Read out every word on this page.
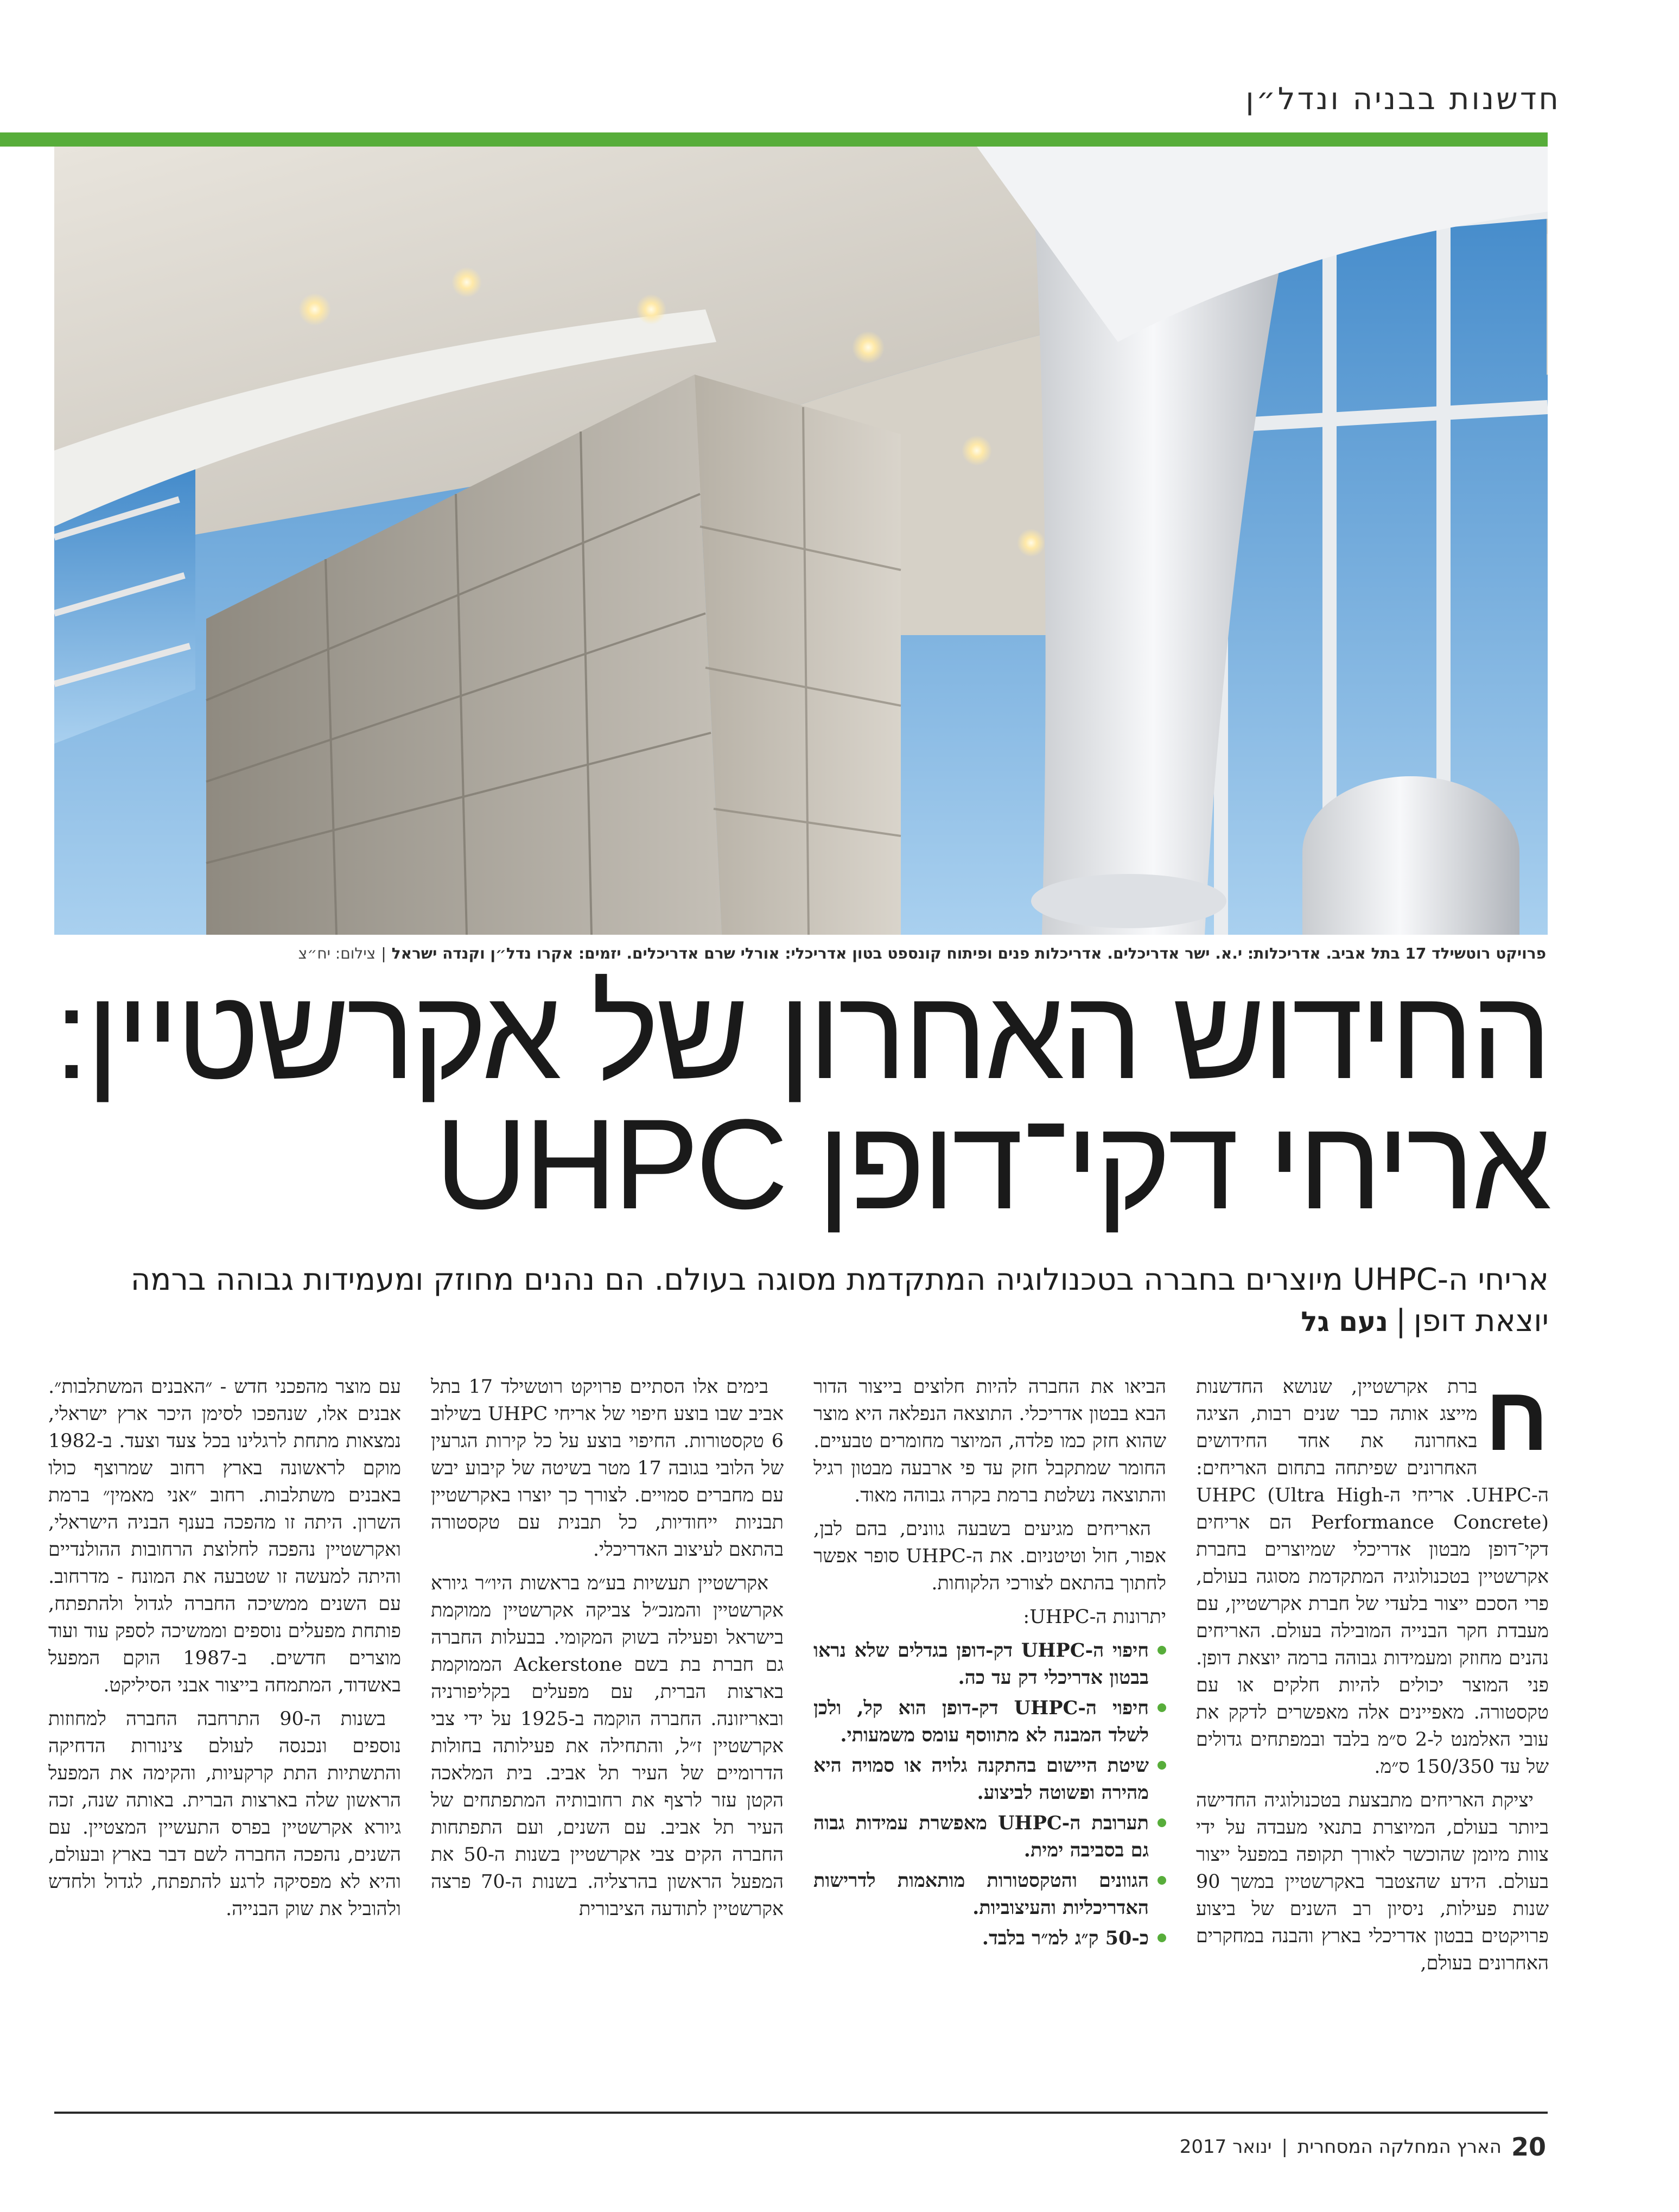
חדשנות בבניה ונדל״ן
פרויקט רוטשילד 17 בתל אביב. אדריכלות: י.א. ישר אדריכלים. אדריכלות פנים ופיתוח קונספט בטון אדריכלי: אורלי שרם אדריכלים. יזמים: אקרו נדל״ן וקנדה ישראל|צילום: יח״צ
החידוש האחרון של אקרשטיין:
אריחי דקי־דופן UHPC
אריחי ה-UHPC מיוצרים בחברה בטכנולוגיה המתקדמת מסוגה בעולם. הם נהנים מחוזק ומעמידות גבוהה ברמה יוצאת דופן|נעם גל
ח

ברת אקרשטיין, שנושא החדשנות מייצג אותה כבר שנים רבות, הציגה באחרונה את אחד החידושים האחרונים שפיתחה בתחום האריחים: ה-UHPC. אריחי ה-UHPC (Ultra High Performance Concrete) הם אריחים דקי־דופן מבטון אדריכלי שמיוצרים בחברת אקרשטיין בטכנולוגיה המתקדמת מסוגה בעולם, פרי הסכם ייצור בלעדי של חברת אקרשטיין, עם מעבדת חקר הבנייה המובילה בעולם. האריחים נהנים מחוזק ומעמידות גבוהה ברמה יוצאת דופן. פני המוצר יכולים להיות חלקים או עם טקסטורה. מאפיינים אלה מאפשרים לדקק את עובי האלמנט ל-2 ס״מ בלבד ובמפתחים גדולים של עד 150/350 ס״מ.

יציקת האריחים מתבצעת בטכנולוגיה החדישה ביותר בעולם, המיוצרת בתנאי מעבדה על ידי צוות מיומן שהוכשר לאורך תקופה במפעל ייצור בעולם. הידע שהצטבר באקרשטיין במשך 90 שנות פעילות, ניסיון רב השנים של ביצוע פרויקטים בבטון אדריכלי בארץ והבנה במחקרים האחרונים בעולם,

הביאו את החברה להיות חלוצים בייצור הדור הבא בבטון אדריכלי. התוצאה הנפלאה היא מוצר שהוא חזק כמו פלדה, המיוצר מחומרים טבעיים. החומר שמתקבל חזק עד פי ארבעה מבטון רגיל והתוצאה נשלטת ברמת בקרה גבוהה מאוד.

האריחים מגיעים בשבעה גוונים, בהם לבן, אפור, חול וטיטניום. את ה-UHPC סופר אפשר לחתוך בהתאם לצורכי הלקוחות.

יתרונות ה-UHPC:

חיפוי ה-UHPC דק-דופן בגדלים שלא נראו בבטון אדריכלי דק עד כה.
חיפוי ה-UHPC דק-דופן הוא קל, ולכן לשלד המבנה לא מתווסף עומס משמעותי.
שיטת היישום בהתקנה גלויה או סמויה היא מהירה ופשוטה לביצוע.
תערובת ה-UHPC מאפשרת עמידות גבוה גם בסביבה ימית.
הגוונים והטקסטורות מותאמות לדרישות האדריכליות והעיצוביות.
כ-50 ק״ג למ״ר בלבד.

בימים אלו הסתיים פרויקט רוטשילד 17 בתל אביב שבו בוצע חיפוי של אריחי UHPC בשילוב 6 טקסטורות. החיפוי בוצע על כל קירות הגרעין של הלובי בגובה 17 מטר בשיטה של קיבוע יבש עם מחברים סמויים. לצורך כך יוצרו באקרשטיין תבניות ייחודיות, כל תבנית עם טקסטורה בהתאם לעיצוב האדריכלי.

אקרשטיין תעשיות בע״מ בראשות היו״ר גיורא אקרשטיין והמנכ״ל צביקה אקרשטיין ממוקמת בישראל ופעילה בשוק המקומי. בבעלות החברה גם חברת בת בשם Ackerstone הממוקמת בארצות הברית, עם מפעלים בקליפורניה ובאריזונה. החברה הוקמה ב-1925 על ידי צבי אקרשטיין ז״ל, והתחילה את פעילותה בחולות הדרומיים של העיר תל אביב. בית המלאכה הקטן עזר לרצף את רחובותיה המתפתחים של העיר תל אביב. עם השנים, ועם התפתחות החברה הקים צבי אקרשטיין בשנות ה-50 את המפעל הראשון בהרצליה. בשנות ה-70 פרצה אקרשטיין לתודעה הציבורית

עם מוצר מהפכני חדש - ״האבנים המשתלבות״. אבנים אלו, שנהפכו לסימן היכר ארץ ישראלי, נמצאות מתחת לרגלינו בכל צעד וצעד. ב-1982 מוקם לראשונה בארץ רחוב שמרוצף כולו באבנים משתלבות. רחוב ״אני מאמין״ ברמת השרון. היתה זו מהפכה בענף הבניה הישראלי, ואקרשטיין נהפכה לחלוצת הרחובות ההולנדיים והיתה למעשה זו שטבעה את המונח - מדרחוב. עם השנים ממשיכה החברה לגדול ולהתפתח, פותחת מפעלים נוספים וממשיכה לספק עוד ועוד מוצרים חדשים. ב-1987 הוקם המפעל באשדוד, המתמחה בייצור אבני הסיליקט.

בשנות ה-90 התרחבה החברה למחוזות נוספים ונכנסה לעולם צינורות הדחיקה והתשתיות התת קרקעיות, והקימה את המפעל הראשון שלה בארצות הברית. באותה שנה, זכה גיורא אקרשטיין בפרס התעשיין המצטיין. עם השנים, נהפכה החברה לשם דבר בארץ ובעולם, והיא לא מפסיקה לרגע להתפתח, לגדול ולחדש ולהוביל את שוק הבנייה.

20
הארץ המחלקה המסחרית
|
ינואר 2017
